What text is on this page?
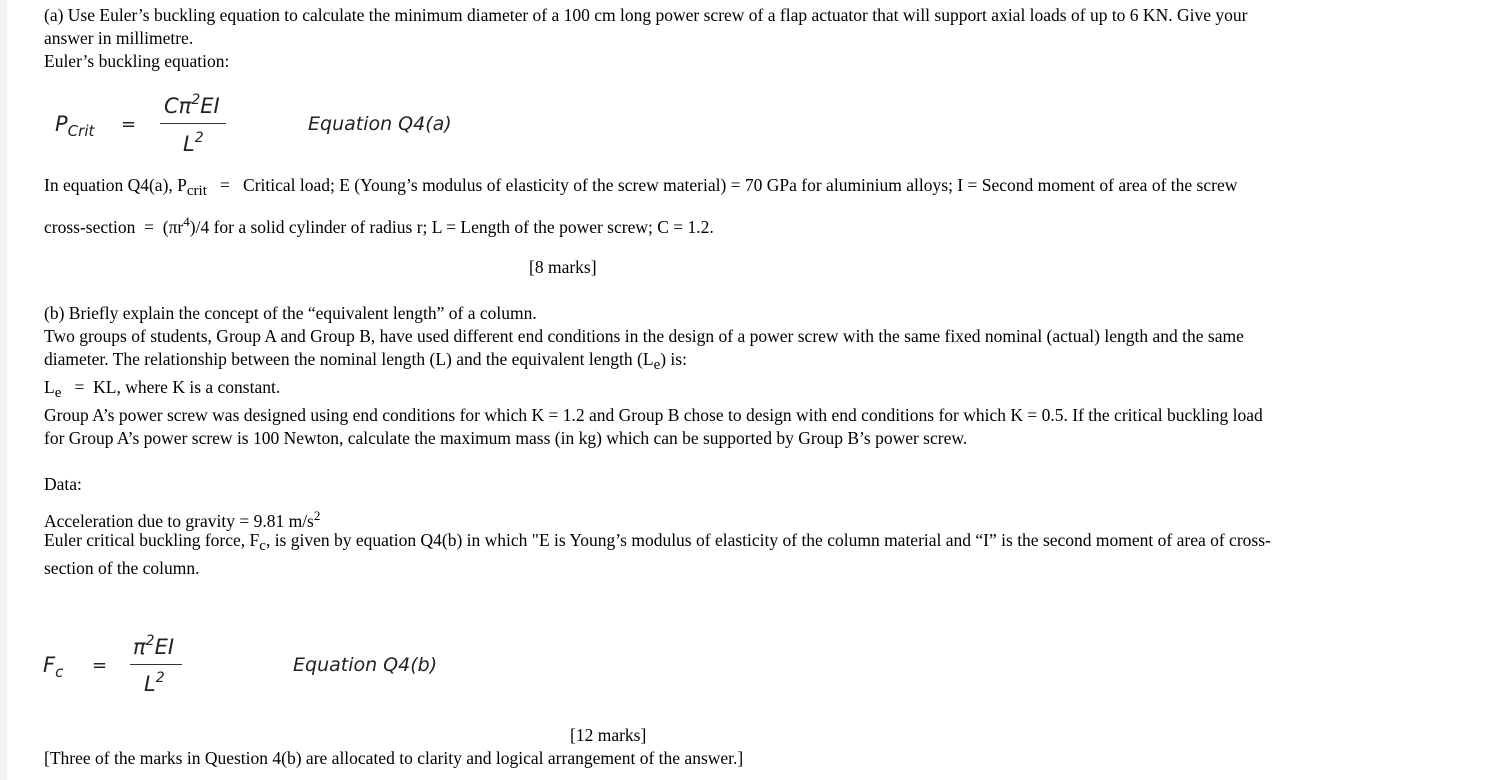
(a) Use Euler’s buckling equation to calculate the minimum diameter of a 100 cm long power screw of a flap actuator that will support axial loads of up to 6 KN. Give your
answer in millimetre.
Euler’s buckling equation:
$P_{Crit}$ =
$C\pi^2EI$
$L^2$
Equation Q4(a)
In equation Q4(a), Pcrit = Critical load; E (Young’s modulus of elasticity of the screw material) = 70 GPa for aluminium alloys; I = Second moment of area of the screw
cross-section = $(\pi r^4)/4$ for a solid cylinder of radius r; L = Length of the power screw; C = 1.2.
[8 marks]
(b) Briefly explain the concept of the “equivalent length” of a column.
Two groups of students, Group A and Group B, have used different end conditions in the design of a power screw with the same fixed nominal (actual) length and the same
diameter. The relationship between the nominal length (L) and the equivalent length (Le) is:
Le = KL, where K is a constant.
Group A’s power screw was designed using end conditions for which K = 1.2 and Group B chose to design with end conditions for which K = 0.5. If the critical buckling load
for Group A’s power screw is 100 Newton, calculate the maximum mass (in kg) which can be supported by Group B’s power screw.
Data:
Acceleration due to gravity = 9.81 $m/s^2$
Euler critical buckling force, Fc, is given by equation Q4(b) in which "E is Young’s modulus of elasticity of the column material and “I” is the second moment of area of cross-
section of the column.
$F_c$ =
$\pi^2EI$
$L^2$
Equation Q4(b)
[12 marks]
[Three of the marks in Question 4(b) are allocated to clarity and logical arrangement of the answer.]
